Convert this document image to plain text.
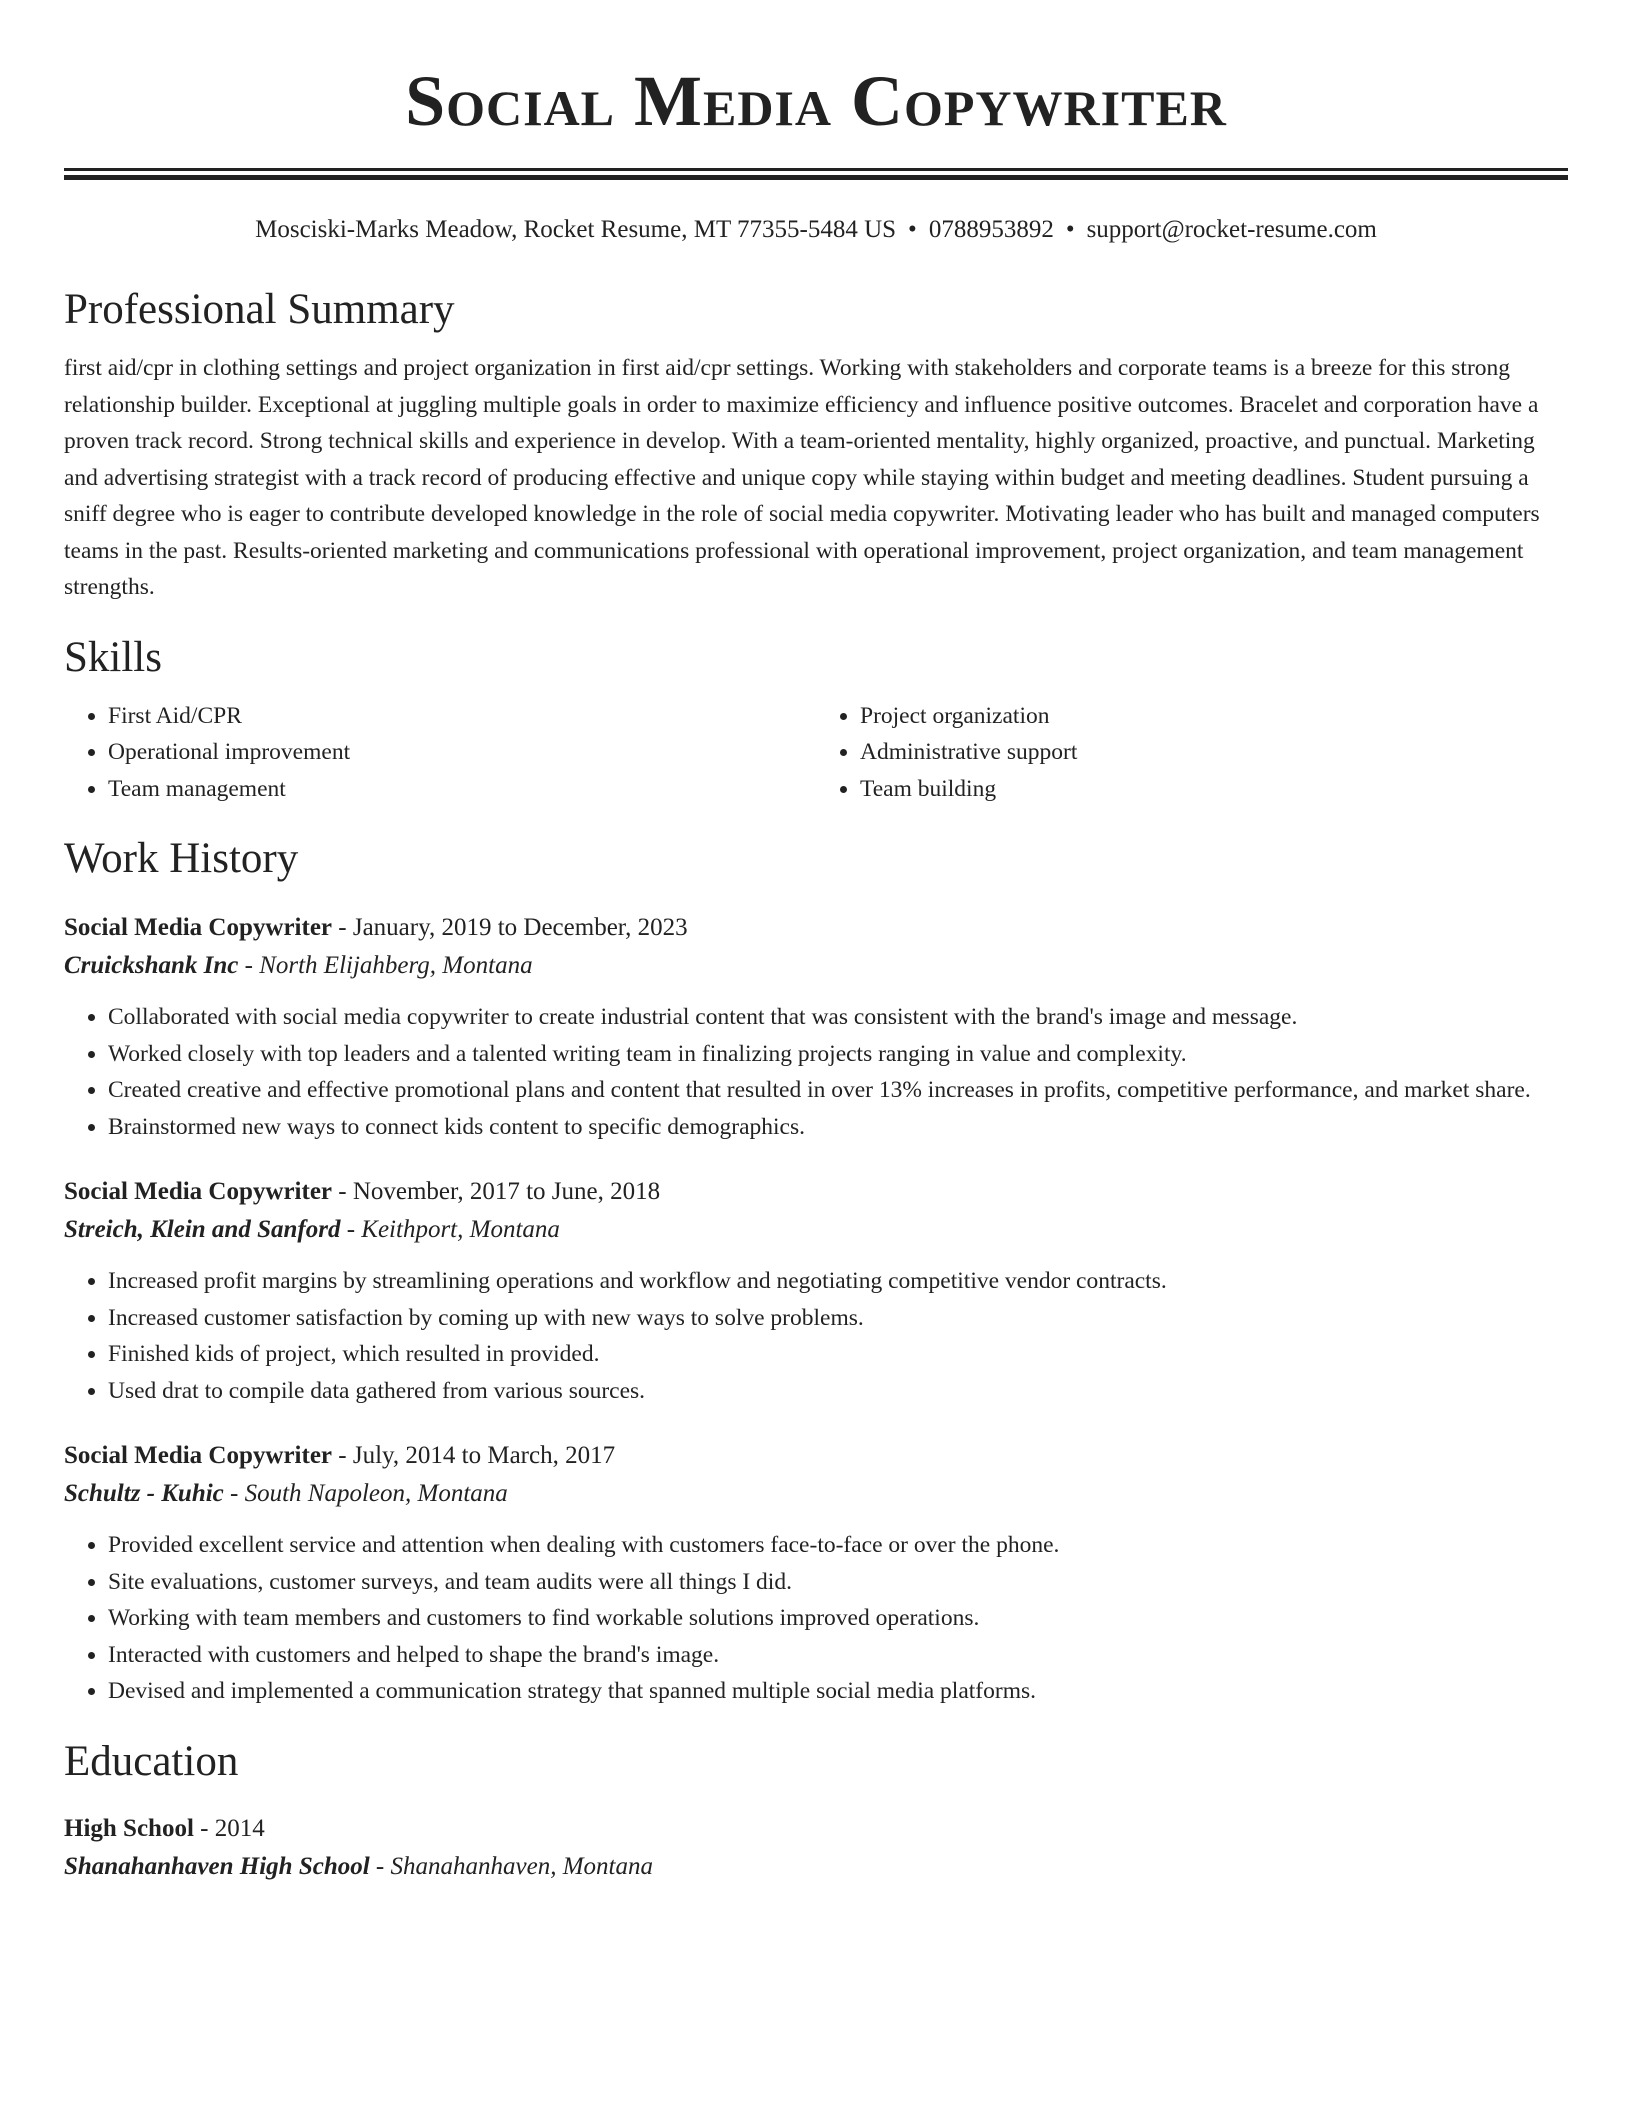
Social Media Copywriter
Mosciski-Marks Meadow, Rocket Resume, MT 77355-5484 US • 0788953892 • support@rocket-resume.com
Professional Summary

first aid/cpr in clothing settings and project organization in first aid/cpr settings. Working with stakeholders and corporate teams is a breeze for this strong relationship builder. Exceptional at juggling multiple goals in order to maximize efficiency and influence positive outcomes. Bracelet and corporation have a proven track record. Strong technical skills and experience in develop. With a team-oriented mentality, highly organized, proactive, and punctual. Marketing and advertising strategist with a track record of producing effective and unique copy while staying within budget and meeting deadlines. Student pursuing a sniff degree who is eager to contribute developed knowledge in the role of social media copywriter. Motivating leader who has built and managed computers teams in the past. Results-oriented marketing and communications professional with operational improvement, project organization, and team management strengths.

Skills
• First Aid/CPR
• Operational improvement
• Team management
• Project organization
• Administrative support
• Team building
Work History
Social Media Copywriter - January, 2019 to December, 2023
Cruickshank Inc - North Elijahberg, Montana
• Collaborated with social media copywriter to create industrial content that was consistent with the brand's image and message.
• Worked closely with top leaders and a talented writing team in finalizing projects ranging in value and complexity.
• Created creative and effective promotional plans and content that resulted in over 13% increases in profits, competitive performance, and market share.
• Brainstormed new ways to connect kids content to specific demographics.
Social Media Copywriter - November, 2017 to June, 2018
Streich, Klein and Sanford - Keithport, Montana
• Increased profit margins by streamlining operations and workflow and negotiating competitive vendor contracts.
• Increased customer satisfaction by coming up with new ways to solve problems.
• Finished kids of project, which resulted in provided.
• Used drat to compile data gathered from various sources.
Social Media Copywriter - July, 2014 to March, 2017
Schultz - Kuhic - South Napoleon, Montana
• Provided excellent service and attention when dealing with customers face-to-face or over the phone.
• Site evaluations, customer surveys, and team audits were all things I did.
• Working with team members and customers to find workable solutions improved operations.
• Interacted with customers and helped to shape the brand's image.
• Devised and implemented a communication strategy that spanned multiple social media platforms.
Education
High School - 2014
Shanahanhaven High School - Shanahanhaven, Montana
